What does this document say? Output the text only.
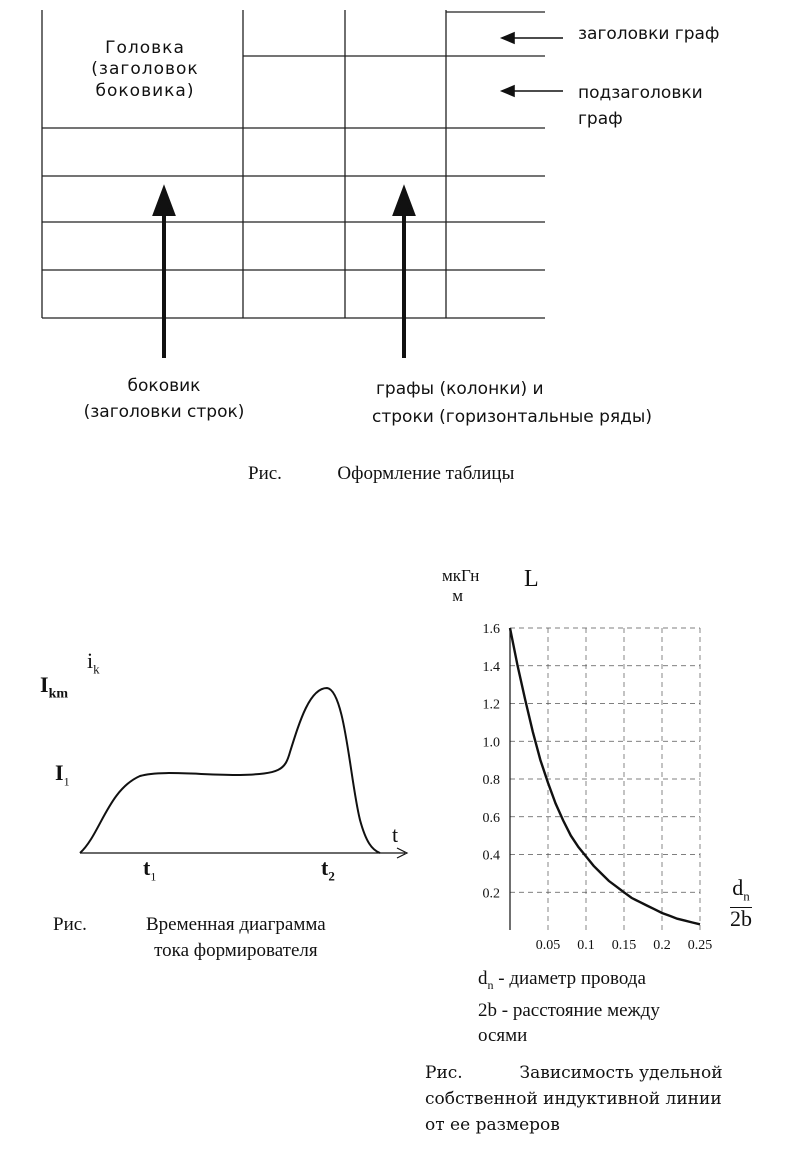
Головка
(заголовок
боковика)
заголовки граф
подзаголовки
граф
боковик
(заголовки строк)
графы (колонки) и
строки (горизонтальные ряды)
Рис.	Оформление таблицы
$i_k$
$I_{km}$
$I_1$
t
$t_1$	$t_2$
Рис.	Временная диаграмма
тока формирователя
мкГн
м
L
0.2
0.4
0.6
0.8
1.0
1.2
1.4
1.6
0.05 0.1 0.15 0.2 0.25
$\frac{d_n}{2b}$
$d_n$ - диаметр провода
2b - расстояние между
осями
Рис.	Зависимость удельной
собственной индуктивной линии
от ее размеров
